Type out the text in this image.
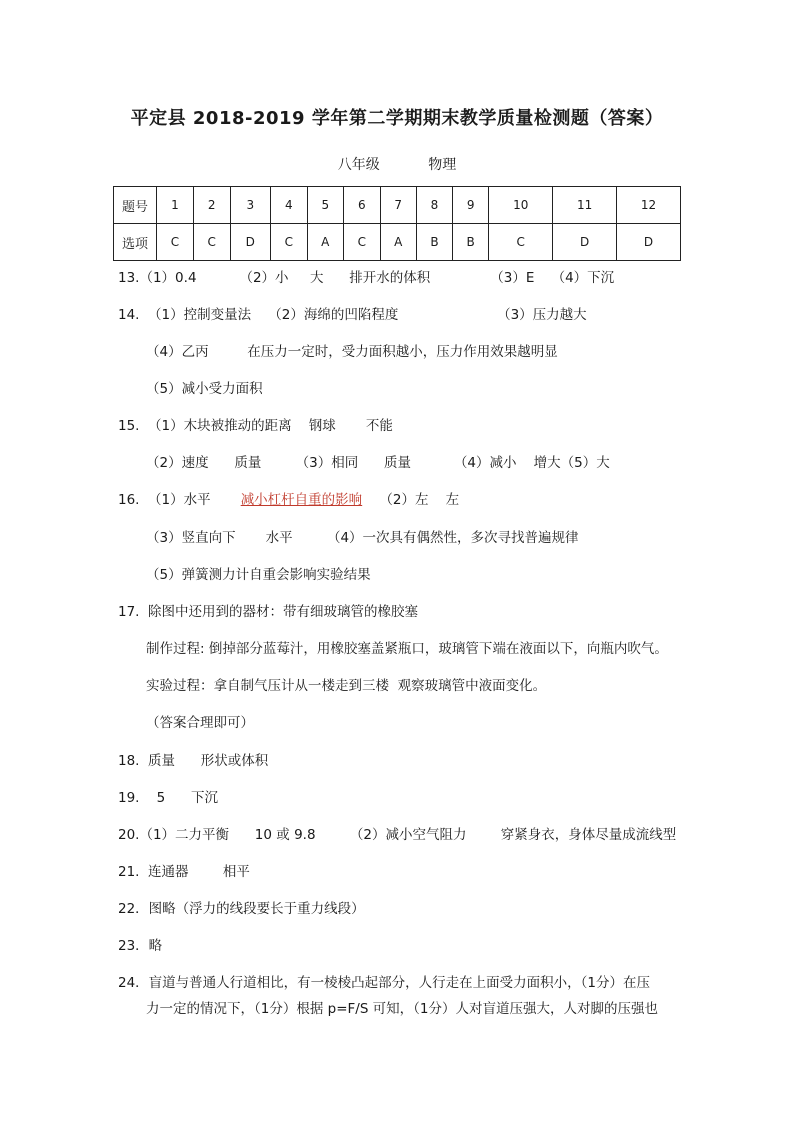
平定县 2018-2019 学年第二学期期末教学质量检测题（答案）
八年级	物理
题号	1	2	3	4	5	6	7	8	9	10	11	12
选项	C	C	D	C	A	C	A	B	B	C	D	D
13.（1）0.4          （2）小     大      排开水的体积              （3）E    （4）下沉
14.  （1）控制变量法    （2）海绵的凹陷程度                       （3）压力越大
（4）乙丙         在压力一定时，受力面积越小，压力作用效果越明显
（5）减小受力面积
15.  （1）木块被推动的距离    钢球       不能
（2）速度      质量        （3）相同      质量          （4）减小    增大（5）大
16.  （1）水平       减小杠杆自重的影响    （2）左    左
（3）竖直向下       水平        （4）一次具有偶然性，多次寻找普遍规律
（5）弹簧测力计自重会影响实验结果
17.  除图中还用到的器材：带有细玻璃管的橡胶塞
制作过程: 倒掉部分蓝莓汁，用橡胶塞盖紧瓶口，玻璃管下端在液面以下，向瓶内吹气。
实验过程：拿自制气压计从一楼走到三楼  观察玻璃管中液面变化。
（答案合理即可）
18.  质量      形状或体积
19.    5      下沉
20.（1）二力平衡      10 或 9.8        （2）减小空气阻力        穿紧身衣，身体尽量成流线型
21.  连通器        相平
22．图略（浮力的线段要长于重力线段）
23．略
24．盲道与普通人行道相比，有一棱棱凸起部分，人行走在上面受力面积小，（1分）在压
力一定的情况下，（1分）根据 p=F/S 可知，（1分）人对盲道压强大，人对脚的压强也
